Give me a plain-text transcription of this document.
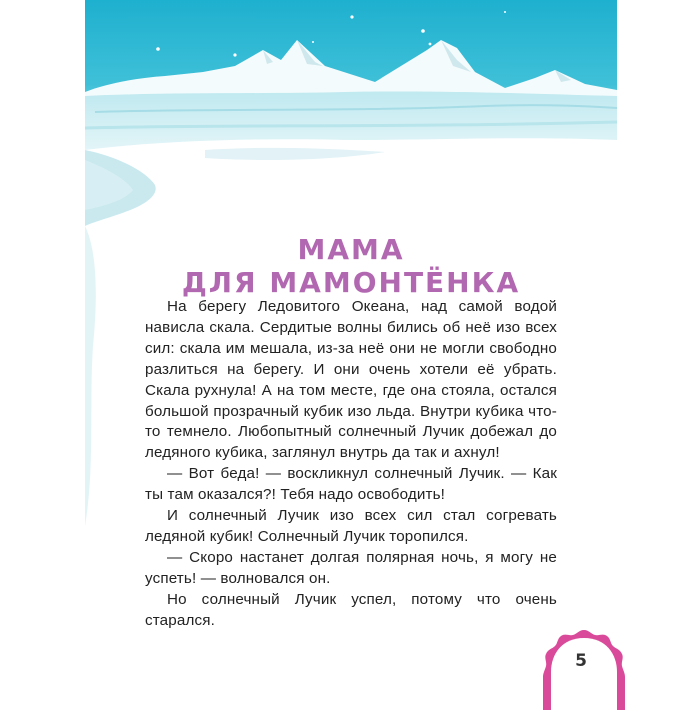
МАМА
ДЛЯ МАМОНТЁНКА

На берегу Ледовитого Океана, над самой водой нависла скала. Сердитые волны бились об неё изо всех сил: скала им мешала, из-за неё они не могли свободно разлиться на берегу. И они очень хотели её убрать. Скала рухнула! А на том месте, где она стояла, остался большой прозрачный кубик изо льда. Внутри кубика что-то темнело. Любопытный солнечный Лучик добежал до ледяного кубика, заглянул внутрь да так и ахнул!

— Вот беда! — воскликнул солнечный Лучик. — Как ты там оказался?! Тебя надо освободить!

И солнечный Лучик изо всех сил стал согревать ледяной кубик! Солнечный Лучик торопился.

— Скоро настанет долгая полярная ночь, я могу не успеть! — волновался он.

Но солнечный Лучик успел, потому что очень старался.

5
